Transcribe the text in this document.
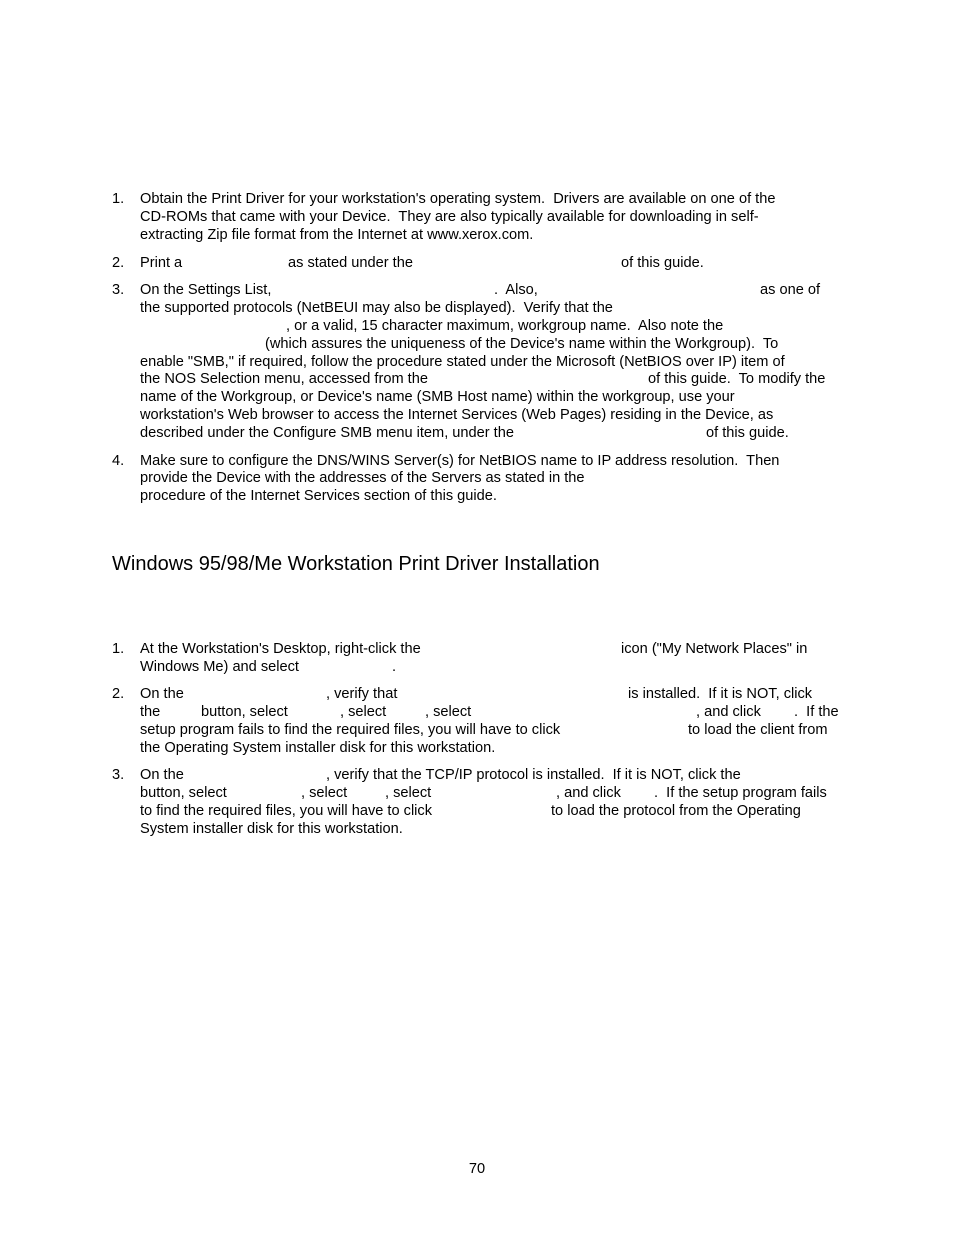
1. Obtain the Print Driver for your workstation's operating system.  Drivers are available on one of the
CD-ROMs that came with your Device.  They are also typically available for downloading in self-
extracting Zip file format from the Internet at www.xerox.com.
2. Print a	as stated under the	of this guide.
3. On the Settings List,	.  Also,	as one of
the supported protocols (NetBEUI may also be displayed).  Verify that the
, or a valid, 15 character maximum, workgroup name.  Also note the
(which assures the uniqueness of the Device's name within the Workgroup).  To
enable "SMB," if required, follow the procedure stated under the Microsoft (NetBIOS over IP) item of
the NOS Selection menu, accessed from the	of this guide.  To modify the
name of the Workgroup, or Device's name (SMB Host name) within the workgroup, use your
workstation's Web browser to access the Internet Services (Web Pages) residing in the Device, as
described under the Configure SMB menu item, under the	of this guide.
4. Make sure to configure the DNS/WINS Server(s) for NetBIOS name to IP address resolution.  Then
provide the Device with the addresses of the Servers as stated in the
procedure of the Internet Services section of this guide.
Windows 95/98/Me Workstation Print Driver Installation
1. At the Workstation's Desktop, right-click the	icon ("My Network Places" in
Windows Me) and select	.
2. On the	, verify that	is installed.  If it is NOT, click
the	button, select	, select	, select	, and click .  If the
setup program fails to find the required files, you will have to click	to load the client from
the Operating System installer disk for this workstation.
3. On the	, verify that the TCP/IP protocol is installed.  If it is NOT, click the
button, select	, select	, select	, and click .  If the setup program fails
to find the required files, you will have to click	to load the protocol from the Operating
System installer disk for this workstation.
70
